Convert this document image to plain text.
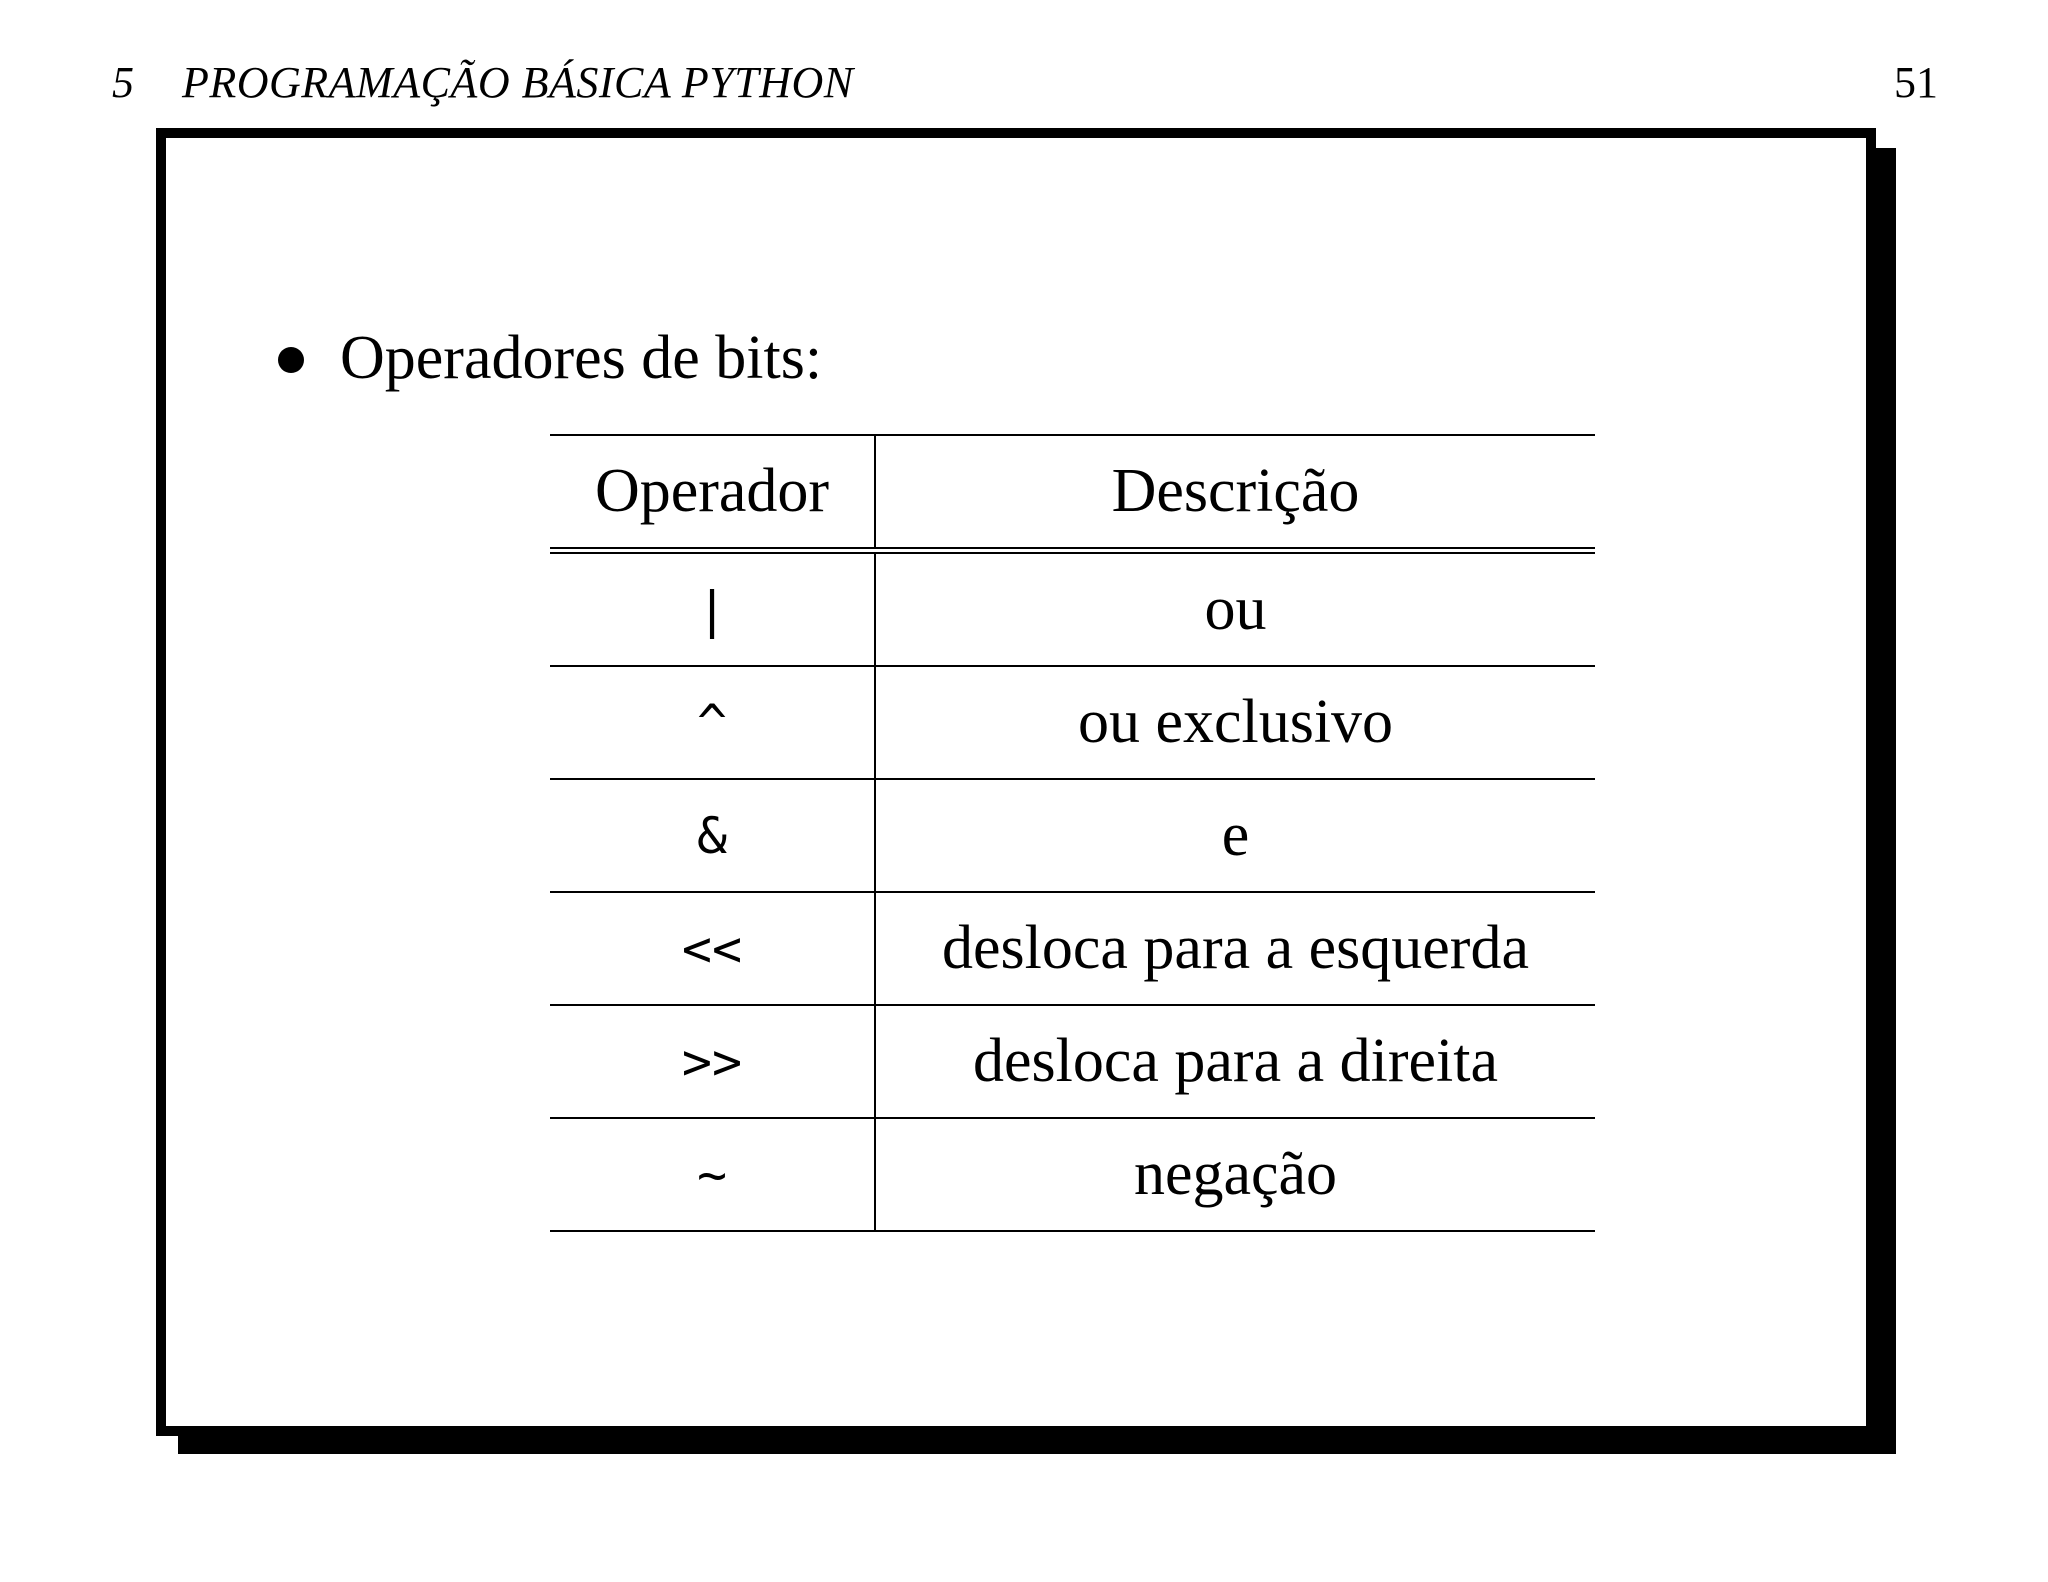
5 PROGRAMAÇÃO BÁSICA PYTHON	51
Operadores de bits:
Operador	Descrição
|	ou
^	ou exclusivo
&	e
<<	desloca para a esquerda
>>	desloca para a direita
~	negação
